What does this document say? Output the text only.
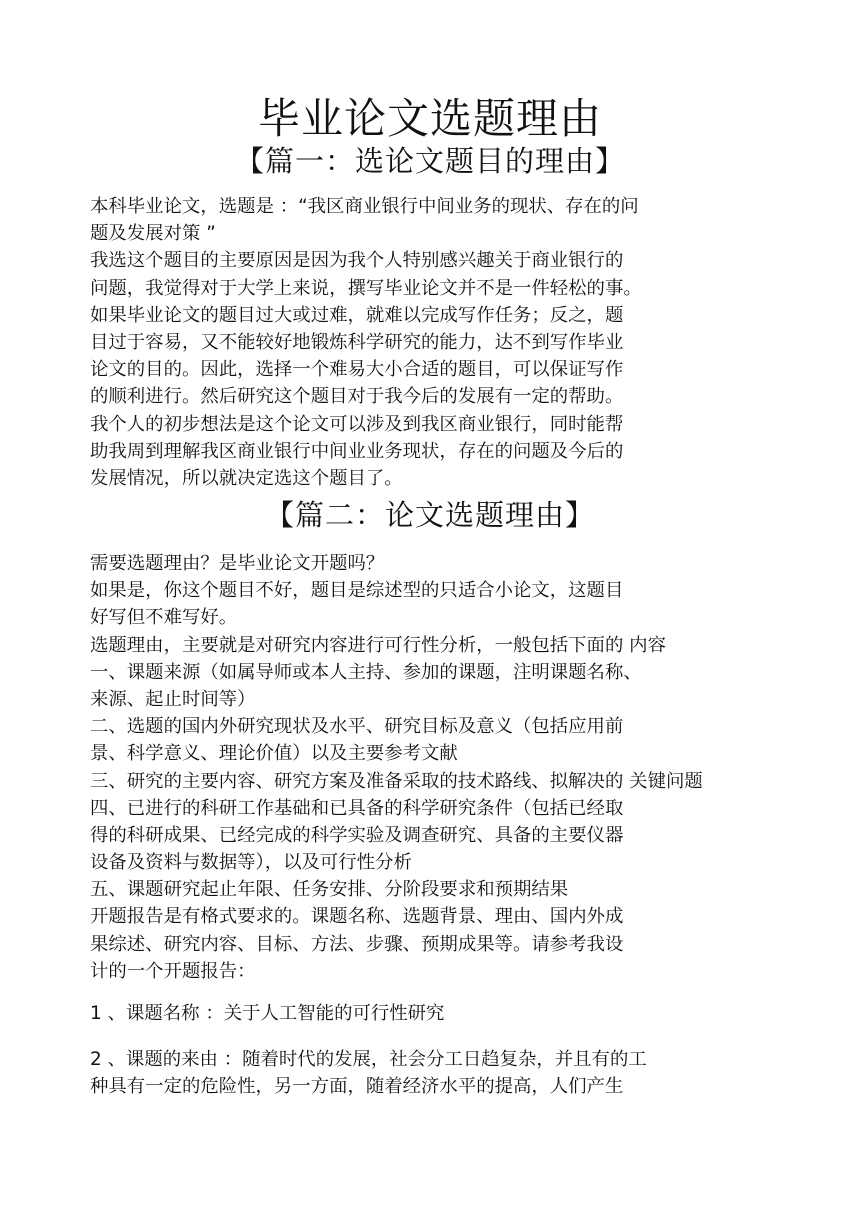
毕业论文选题理由
【篇一：选论文题目的理由】
本科毕业论文，选题是 ：“我区商业银行中间业务的现状、存在的问
题及发展对策 ”
我选这个题目的主要原因是因为我个人特别感兴趣关于商业银行的
问题，我觉得对于大学上来说，撰写毕业论文并不是一件轻松的事。
如果毕业论文的题目过大或过难，就难以完成写作任务；反之，题
目过于容易，又不能较好地锻炼科学研究的能力，达不到写作毕业
论文的目的。因此，选择一个难易大小合适的题目，可以保证写作
的顺利进行。然后研究这个题目对于我今后的发展有一定的帮助。
我个人的初步想法是这个论文可以涉及到我区商业银行，同时能帮
助我周到理解我区商业银行中间业业务现状，存在的问题及今后的
发展情况，所以就决定选这个题目了。
【篇二：论文选题理由】
需要选题理由？是毕业论文开题吗？
如果是，你这个题目不好，题目是综述型的只适合小论文，这题目
好写但不难写好。
选题理由，主要就是对研究内容进行可行性分析，一般包括下面的 内容
一、课题来源（如属导师或本人主持、参加的课题，注明课题名称、
来源、起止时间等）
二、选题的国内外研究现状及水平、研究目标及意义（包括应用前
景、科学意义、理论价值）以及主要参考文献
三、研究的主要内容、研究方案及准备采取的技术路线、拟解决的 关键问题
四、已进行的科研工作基础和已具备的科学研究条件（包括已经取
得的科研成果、已经完成的科学实验及调查研究、具备的主要仪器
设备及资料与数据等），以及可行性分析
五、课题研究起止年限、任务安排、分阶段要求和预期结果
开题报告是有格式要求的。课题名称、选题背景、理由、国内外成
果综述、研究内容、目标、方法、步骤、预期成果等。请参考我设
计的一个开题报告：
1 、课题名称 ：关于人工智能的可行性研究
2 、课题的来由 ：随着时代的发展，社会分工日趋复杂，并且有的工
种具有一定的危险性，另一方面，随着经济水平的提高，人们产生
